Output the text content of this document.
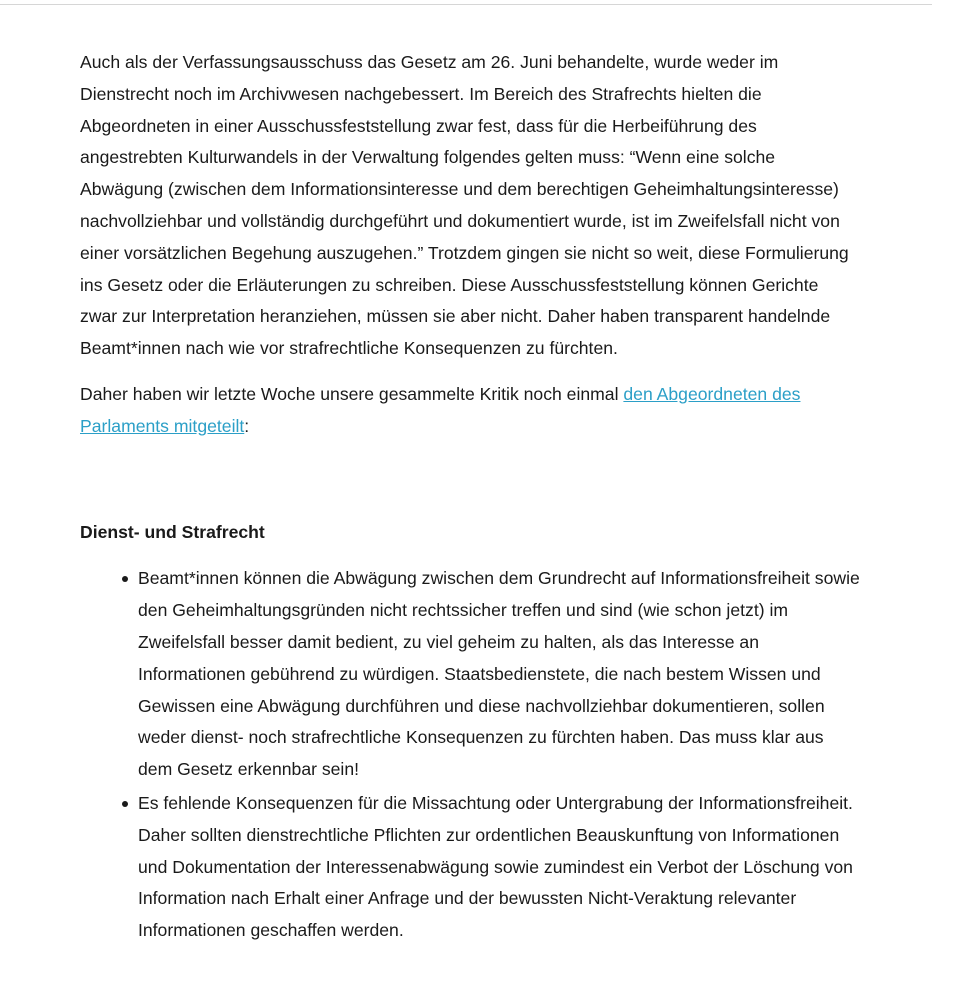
Auch als der Verfassungsausschuss das Gesetz am 26. Juni behandelte, wurde weder im Dienstrecht noch im Archivwesen nachgebessert. Im Bereich des Strafrechts hielten die Abgeordneten in einer Ausschussfeststellung zwar fest, dass für die Herbeiführung des angestrebten Kulturwandels in der Verwaltung folgendes gelten muss: “Wenn eine solche Abwägung (zwischen dem Informationsinteresse und dem berechtigen Geheimhaltungsinteresse) nachvollziehbar und vollständig durchgeführt und dokumentiert wurde, ist im Zweifelsfall nicht von einer vorsätzlichen Begehung auszugehen.” Trotzdem gingen sie nicht so weit, diese Formulierung ins Gesetz oder die Erläuterungen zu schreiben. Diese Ausschussfeststellung können Gerichte zwar zur Interpretation heranziehen, müssen sie aber nicht. Daher haben transparent handelnde Beamt*innen nach wie vor strafrechtliche Konsequenzen zu fürchten.

Daher haben wir letzte Woche unsere gesammelte Kritik noch einmal den Abgeordneten des Parlaments mitgeteilt:

Dienst- und Strafrecht
Beamt*innen können die Abwägung zwischen dem Grundrecht auf Informationsfreiheit sowie den Geheimhaltungsgründen nicht rechtssicher treffen und sind (wie schon jetzt) im Zweifelsfall besser damit bedient, zu viel geheim zu halten, als das Interesse an Informationen gebührend zu würdigen. Staatsbedienstete, die nach bestem Wissen und Gewissen eine Abwägung durchführen und diese nachvollziehbar dokumentieren, sollen weder dienst- noch strafrechtliche Konsequenzen zu fürchten haben. Das muss klar aus dem Gesetz erkennbar sein!
Es fehlende Konsequenzen für die Missachtung oder Untergrabung der Informationsfreiheit. Daher sollten dienstrechtliche Pflichten zur ordentlichen Beauskunftung von Informationen und Dokumentation der Interessenabwägung sowie zumindest ein Verbot der Löschung von Information nach Erhalt einer Anfrage und der bewussten Nicht-Veraktung relevanter Informationen geschaffen werden.
